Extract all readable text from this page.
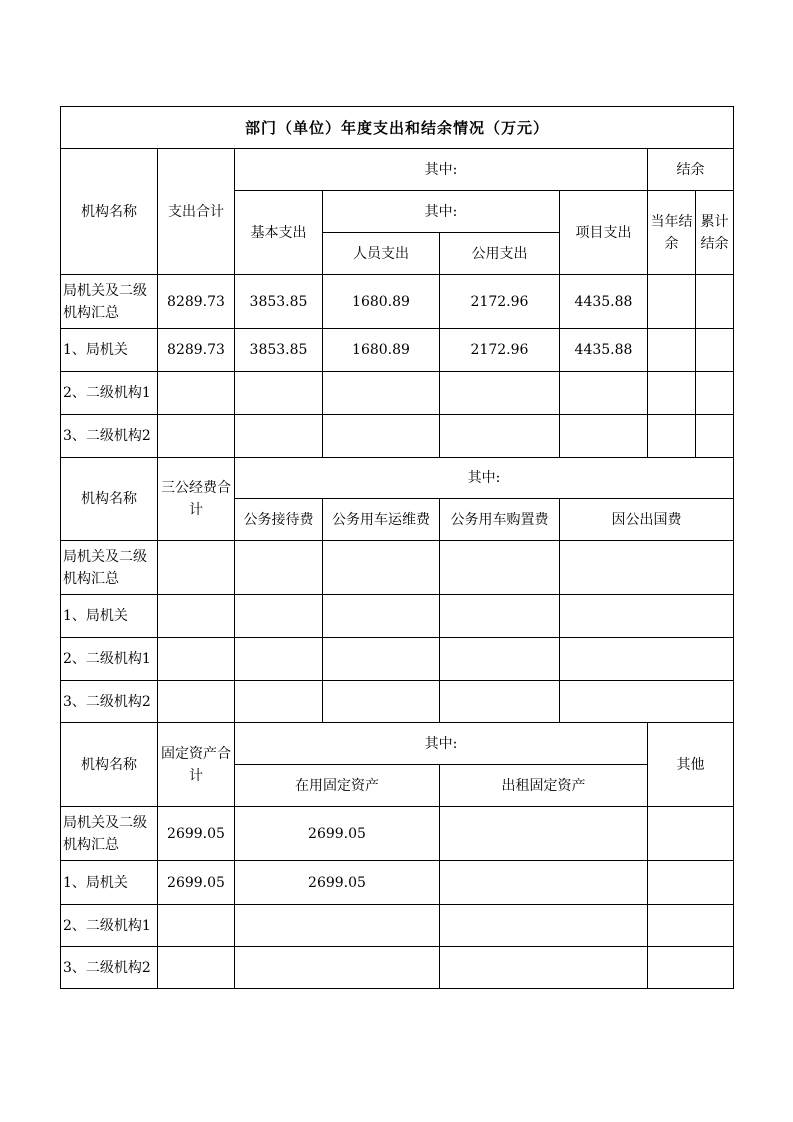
部门（单位）年度支出和结余情况（万元）							
机构名称	支出合计	其中:				结余	
		基本支出	其中:		项目支出	当年结余	累计结余
			人员支出	公用支出			
局机关及二级机构汇总	8289.73	3853.85	1680.89	2172.96	4435.88		
1、局机关	8289.73	3853.85	1680.89	2172.96	4435.88		
2、二级机构1							
3、二级机构2							
机构名称	三公经费合计	其中:					
		公务接待费	公务用车运维费	公务用车购置费	因公出国费		
局机关及二级机构汇总							
1、局机关							
2、二级机构1							
3、二级机构2							
机构名称	固定资产合计	其中:				其他	
		在用固定资产		出租固定资产			
局机关及二级机构汇总	2699.05	2699.05					
1、局机关	2699.05	2699.05					
2、二级机构1							
3、二级机构2							
